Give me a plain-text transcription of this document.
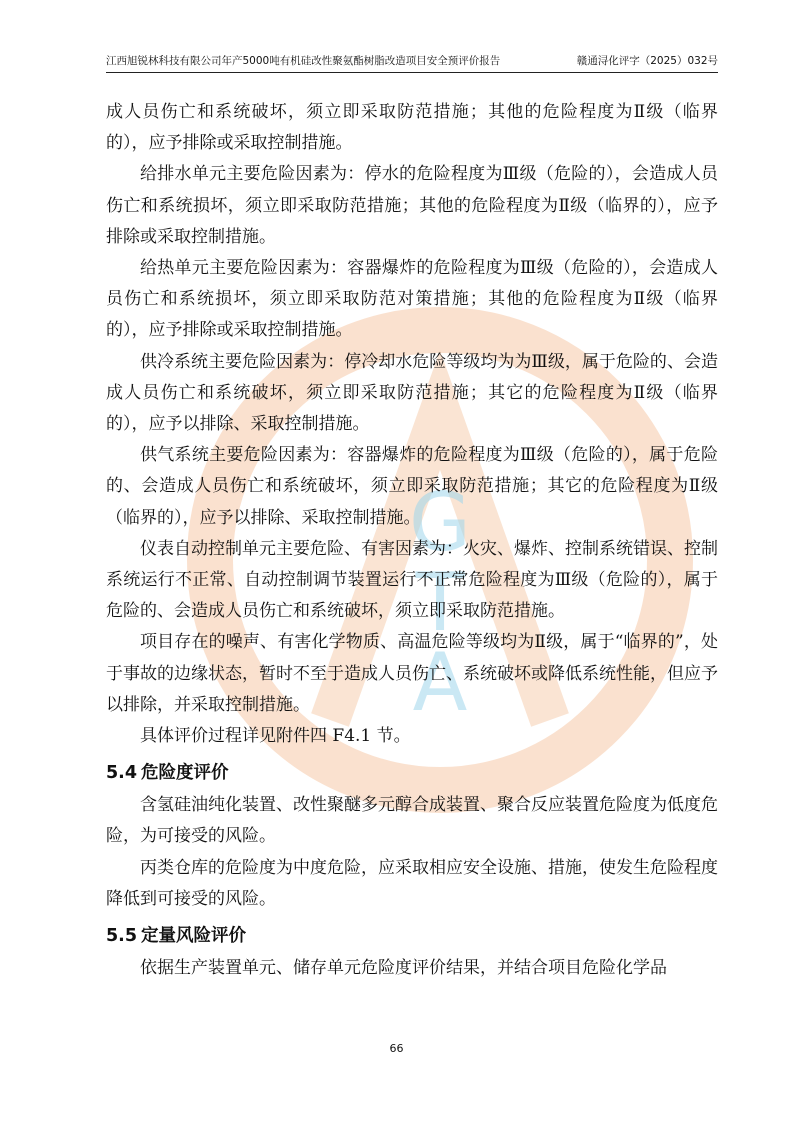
江西旭锐林科技有限公司年产5000吨有机硅改性聚氨酯树脂改造项目安全预评价报告	赣通浔化评字（2025）032号
G
T
A

成人员伤亡和系统破坏，须立即采取防范措施；其他的危险程度为Ⅱ级（临界的），应予排除或采取控制措施。

给排水单元主要危险因素为：停水的危险程度为Ⅲ级（危险的），会造成人员伤亡和系统损坏，须立即采取防范措施；其他的危险程度为Ⅱ级（临界的），应予排除或采取控制措施。

给热单元主要危险因素为：容器爆炸的危险程度为Ⅲ级（危险的），会造成人员伤亡和系统损坏，须立即采取防范对策措施；其他的危险程度为Ⅱ级（临界的），应予排除或采取控制措施。

供冷系统主要危险因素为：停冷却水危险等级均为为Ⅲ级，属于危险的、会造成人员伤亡和系统破坏，须立即采取防范措施；其它的危险程度为Ⅱ级（临界的），应予以排除、采取控制措施。

供气系统主要危险因素为：容器爆炸的危险程度为Ⅲ级（危险的），属于危险的、会造成人员伤亡和系统破坏，须立即采取防范措施；其它的危险程度为Ⅱ级（临界的），应予以排除、采取控制措施。

仪表自动控制单元主要危险、有害因素为：火灾、爆炸、控制系统错误、控制系统运行不正常、自动控制调节装置运行不正常危险程度为Ⅲ级（危险的），属于危险的、会造成人员伤亡和系统破坏，须立即采取防范措施。

项目存在的噪声、有害化学物质、高温危险等级均为Ⅱ级，属于“临界的”，处于事故的边缘状态，暂时不至于造成人员伤亡、系统破坏或降低系统性能，但应予以排除，并采取控制措施。

具体评价过程详见附件四 F4.1 节。

5.4 危险度评价

含氢硅油纯化装置、改性聚醚多元醇合成装置、聚合反应装置危险度为低度危险，为可接受的风险。

丙类仓库的危险度为中度危险，应采取相应安全设施、措施，使发生危险程度降低到可接受的风险。

5.5 定量风险评价

依据生产装置单元、储存单元危险度评价结果，并结合项目危险化学品

66
